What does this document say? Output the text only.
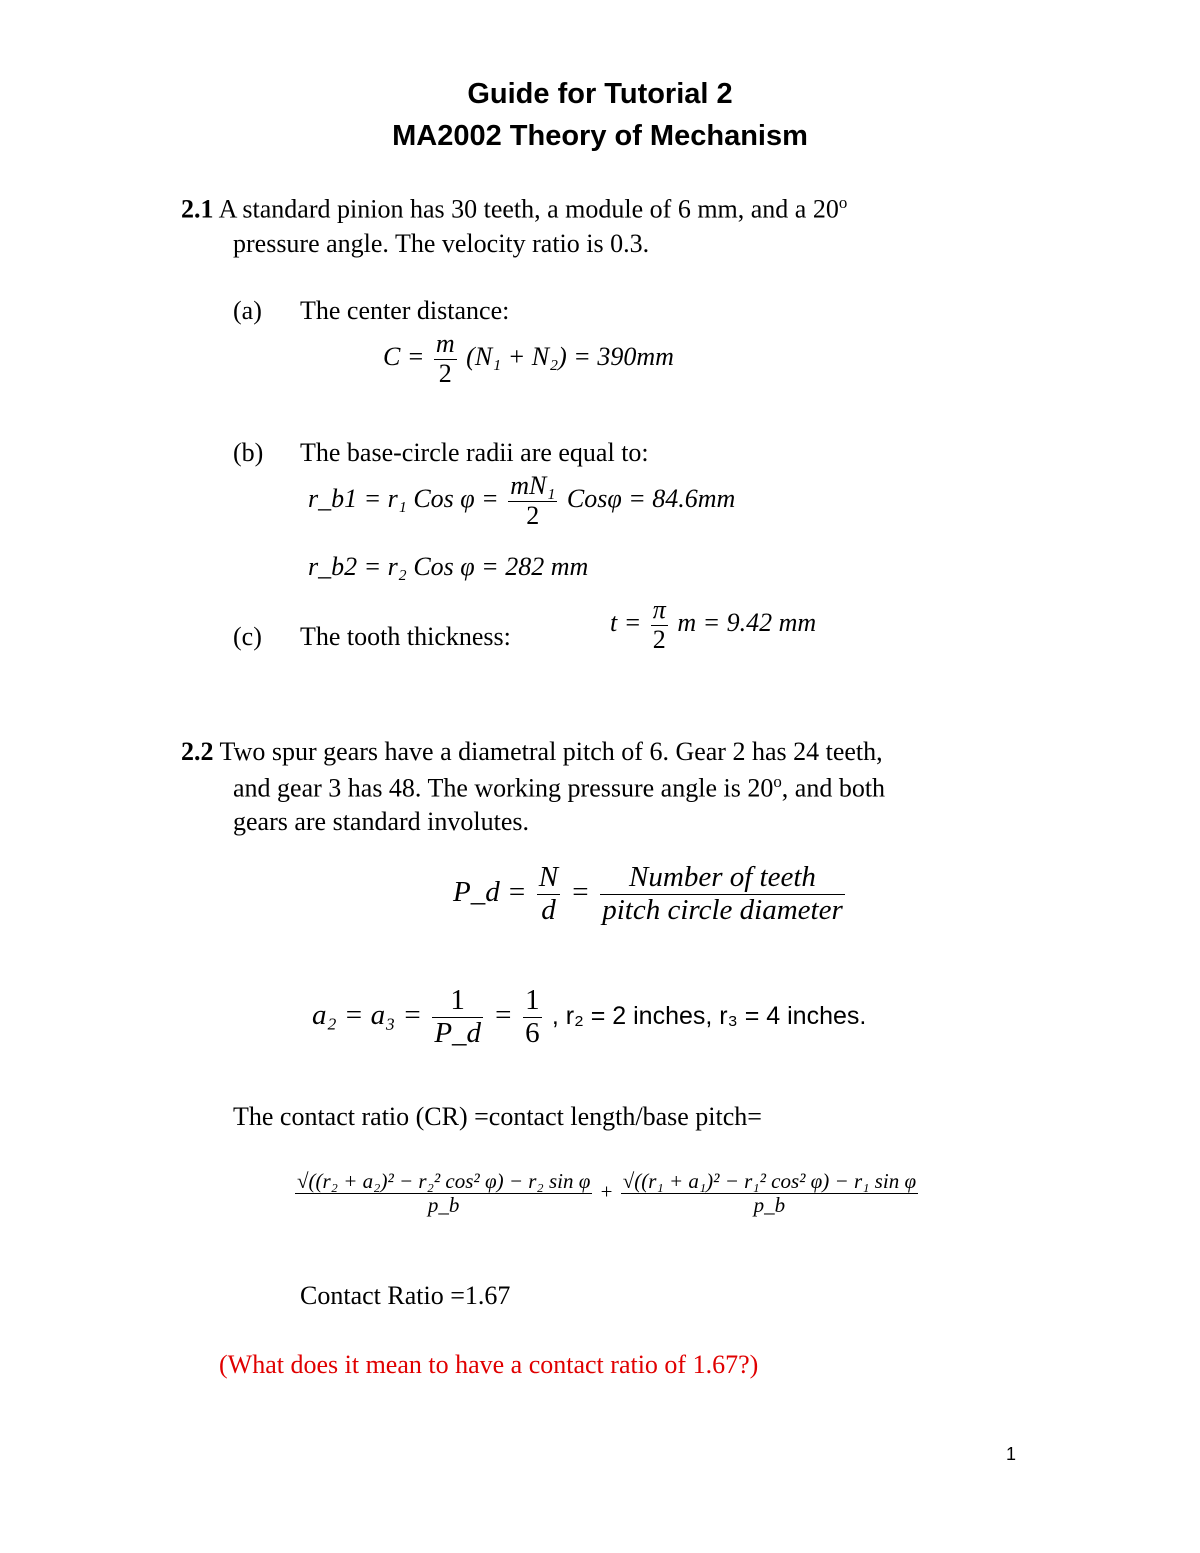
Guide for Tutorial 2
MA2002 Theory of Mechanism
2.1 A standard pinion has 30 teeth, a module of 6 mm, and a 20$^o$
pressure angle. The velocity ratio is 0.3.
(a) The center distance:
$C = \frac{m}{2} (N_1 + N_2) = 390mm$
(b) The base-circle radii are equal to:
r_b1 = r₁ Cos $\varphi = \frac{\text{mN₁}}{2}$ Cosφ = 84.6mm
r_b2 = r₂ Cos φ = 282 mm
(c) The tooth thickness:	$t = \frac{\pi}{2}$ m = 9.42 mm
2.2 Two spur gears have a diametral pitch of 6. Gear 2 has 24 teeth,
and gear 3 has 48. The working pressure angle is 20$^o$, and both
gears are standard involutes.
P_d = $\frac{N}{d} = \frac{\text{Number of teeth}}{\text{pitch circle diameter}}$
$a_2 = a_3 = \frac{1}{P\_d} = \frac{1}{6}$ , r₂ = 2 inches, r₃ = 4 inches.
The contact ratio (CR) =contact length/base pitch=
$\frac{\text{√((r₂ + a₂)² − r₂² cos² φ) − r₂ sin φ}}{p\_b} + \frac{\text{√((r₁ + a₁)² − r₁² cos² φ) − r₁ sin φ}}{p\_b}$
Contact Ratio =1.67
(What does it mean to have a contact ratio of 1.67?)
1
